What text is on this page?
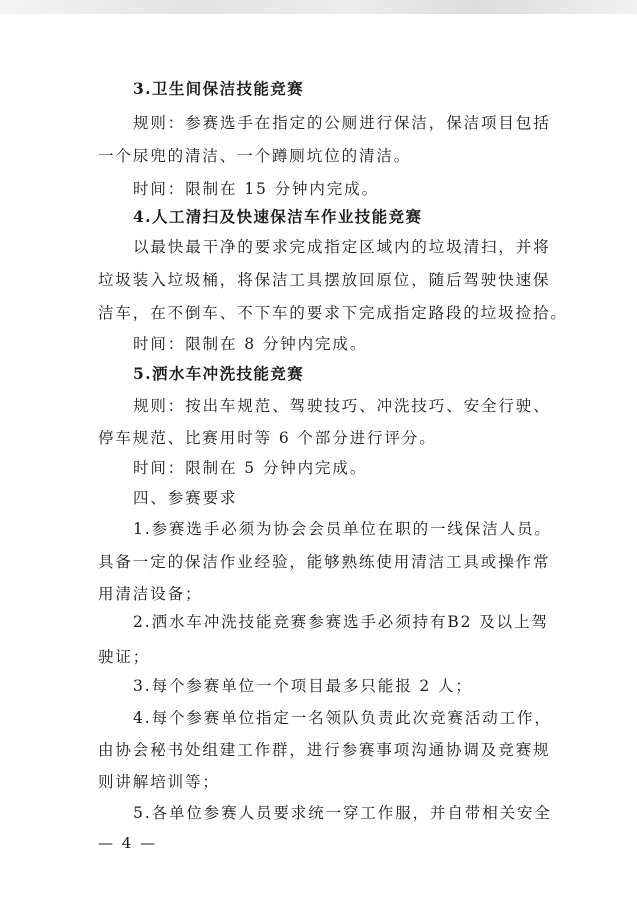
3.卫生间保洁技能竞赛
规则：参赛选手在指定的公厕进行保洁，保洁项目包括
一个尿兜的清洁、一个蹲厕坑位的清洁。
时间：限制在 15 分钟内完成。
4.人工清扫及快速保洁车作业技能竞赛
以最快最干净的要求完成指定区域内的垃圾清扫，并将
垃圾装入垃圾桶，将保洁工具摆放回原位，随后驾驶快速保
洁车，在不倒车、不下车的要求下完成指定路段的垃圾捡拾。
时间：限制在 8 分钟内完成。
5.洒水车冲洗技能竞赛
规则：按出车规范、驾驶技巧、冲洗技巧、安全行驶、
停车规范、比赛用时等 6 个部分进行评分。
时间：限制在 5 分钟内完成。
四、参赛要求
1.参赛选手必须为协会会员单位在职的一线保洁人员。
具备一定的保洁作业经验，能够熟练使用清洁工具或操作常
用清洁设备；
2.洒水车冲洗技能竞赛参赛选手必须持有B2 及以上驾
驶证；
3.每个参赛单位一个项目最多只能报 2 人；
4.每个参赛单位指定一名领队负责此次竞赛活动工作，
由协会秘书处组建工作群，进行参赛事项沟通协调及竞赛规
则讲解培训等；
5.各单位参赛人员要求统一穿工作服，并自带相关安全
— 4 —
